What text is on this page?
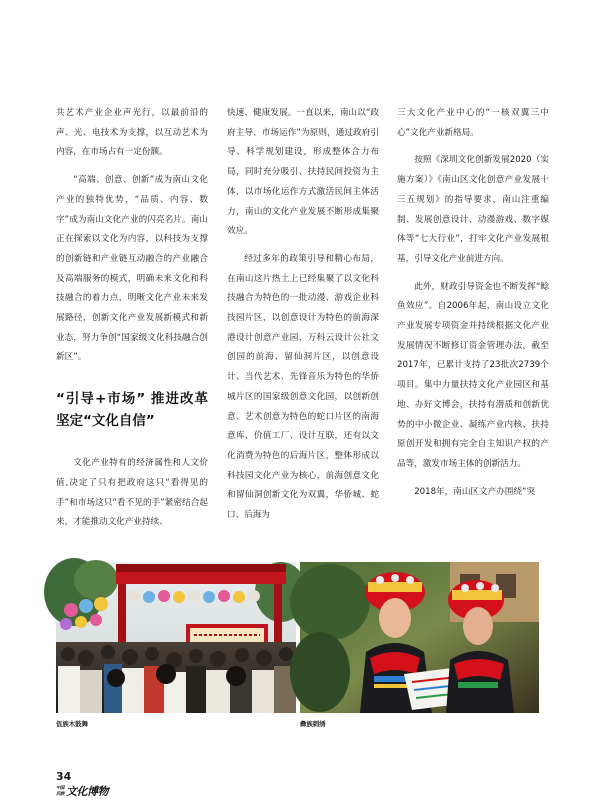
共艺术产业企业声光行，以最前沿的声、光、电技术为支撑，以互动艺术为内容，在市场占有一定份额。

“高端、创意、创新”成为南山文化产业的独特优势，“品质、内容、数字”成为南山文化产业的闪亮名片。南山正在探索以文化为内容，以科技为支撑的创新链和产业链互动融合的产业融合及高端服务的模式，明确未来文化和科技融合的着力点，明晰文化产业未来发展路径，创新文化产业发展新模式和新业态，努力争创“国家级文化科技融合创新区”。

“引导+市场” 推进改革坚定“文化自信”

文化产业特有的经济属性和人文价值,决定了只有把政府这只“看得见的手”和市场这只“看不见的手”紧密结合起来，才能推动文化产业持续、

快速、健康发展。一直以来，南山以“政府主导、市场运作”为原则，通过政府引导、科学规划建设，形成整体合力布局，同时充分吸引、扶持民间投资为主体，以市场化运作方式激活民间主体活力，南山的文化产业发展不断形成集聚效应。

经过多年的政策引导和精心布局，在南山这片热土上已经集聚了以文化科技融合为特色的一批动漫、游戏企业科技园片区，以创意设计为特色的前海深港设计创意产业园、万科云设计公社文创园的前海、留仙洞片区，以创意设计、当代艺术、先锋音乐为特色的华侨城片区的国家级创意文化园，以创新创意、艺术创意为特色的蛇口片区的南海意库、价值工厂、设计互联，还有以文化消费为特色的后海片区，整体形成以科技园文化产业为核心，前海创意文化和留仙洞创新文化为双翼，华侨城、蛇口、后海为

三大文化产业中心的“一核双翼三中心”文化产业新格局。

按照《深圳文化创新发展2020（实施方案）》《南山区文化创意产业发展十三五规划》的指导要求，南山注重编制、发展创意设计、动漫游戏、数字媒体等“七大行业”，打牢文化产业发展根基，引导文化产业前进方向。

此外，财政引导资金也不断发挥“鲶鱼效应”。自2006年起，南山设立文化产业发展专项资金并持续根据文化产业发展情况不断修订资金管理办法，截至2017年，已累计支持了23批次2739个项目。集中力量扶持文化产业园区和基地、办好文博会，扶持有潜质和创新优势的中小微企业、凝练产业内核、扶持原创开发和拥有完全自主知识产权的产品等，激发市场主体的创新活力。

2018年，南山区文产办围绕“突

佤族木鼓舞	彝族刺绣
34
中国
民族 文化博物
